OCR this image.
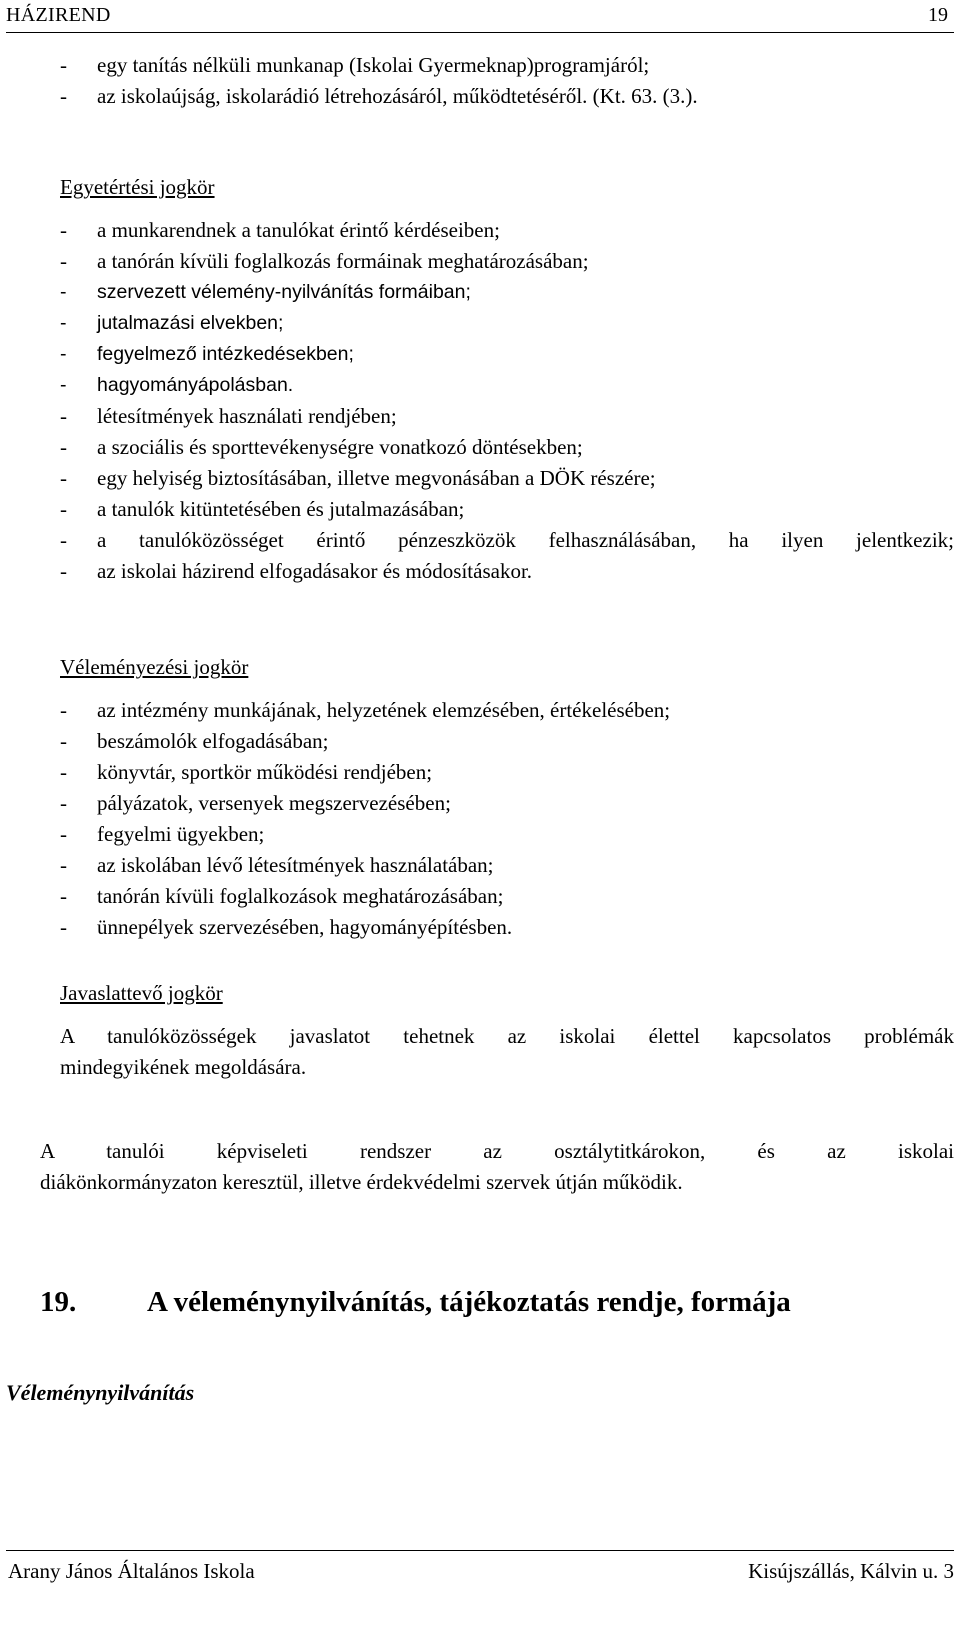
HÁZIREND	19
- egy tanítás nélküli munkanap (Iskolai Gyermeknap)programjáról;
- az iskolaújság, iskolarádió létrehozásáról, működtetéséről. (Kt. 63. (3.).
Egyetértési jogkör
- a munkarendnek a tanulókat érintő kérdéseiben;
- a tanórán kívüli foglalkozás formáinak meghatározásában;
- szervezett vélemény-nyilvánítás formáiban;
- jutalmazási elvekben;
- fegyelmező intézkedésekben;
- hagyományápolásban.
- létesítmények használati rendjében;
- a szociális és sporttevékenységre vonatkozó döntésekben;
- egy helyiség biztosításában, illetve megvonásában a DÖK részére;
- a tanulók kitüntetésében és jutalmazásában;
-	a tanulóközösséget érintő pénzeszközök felhasználásában, ha ilyen jelentkezik;
- az iskolai házirend elfogadásakor és módosításakor.
Véleményezési jogkör
- az intézmény munkájának, helyzetének elemzésében, értékelésében;
- beszámolók elfogadásában;
- könyvtár, sportkör működési rendjében;
- pályázatok, versenyek megszervezésében;
- fegyelmi ügyekben;
- az iskolában lévő létesítmények használatában;
- tanórán kívüli foglalkozások meghatározásában;
- ünnepélyek szervezésében, hagyományépítésben.
Javaslattevő jogkör
A tanulóközösségek javaslatot tehetnek az iskolai élettel kapcsolatos problémák
mindegyikének megoldására.
A tanulói képviseleti rendszer az osztálytitkárokon, és az iskolai
diákönkormányzaton keresztül, illetve érdekvédelmi szervek útján működik.
19. A véleménynyilvánítás, tájékoztatás rendje, formája
Véleménynyilvánítás
Arany János Általános Iskola	Kisújszállás, Kálvin u. 3
